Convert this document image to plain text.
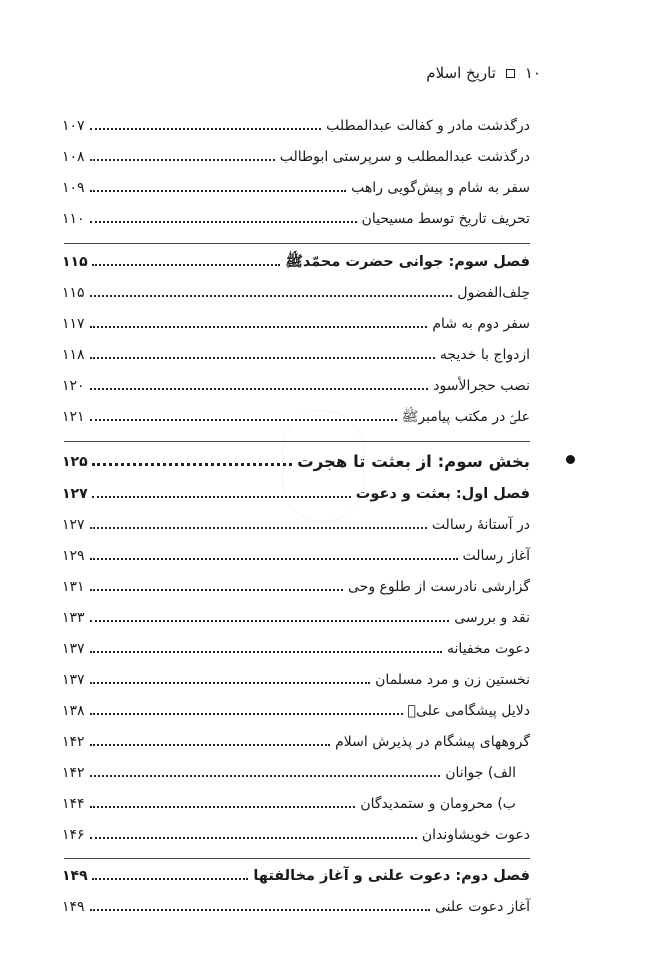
۱۰
تاریخ اسلام
درگذشت مادر و کفالت عبدالمطلب
۱۰۷
درگذشت عبدالمطلب و سرپرستی ابوطالب
۱۰۸
سفر به شام و پیش‌گویی راهب
۱۰۹
تحریف تاریخ توسط مسیحیان
۱۱۰
فصل سوم: جوانی حضرت محمّدﷺ
۱۱۵
حِلف‌الفضول
۱۱۵
سفر دوم به شام
۱۱۷
ازدواج با خدیجه
۱۱۸
نصب حجرالأسود
۱۲۰
علیؑ در مکتب پیامبرﷺ
۱۲۱
بخش سوم: از بعثت تا هجرت
۱۲۵
فصل اول: بعثت و دعوت
۱۲۷
در آستانهٔ رسالت
۱۲۷
آغاز رسالت
۱۲۹
گزارشی نادرست از طلوع وحی
۱۳۱
نقد و بررسی
۱۳۳
دعوت مخفیانه
۱۳۷
نخستین زن و مرد مسلمان
۱۳۷
دلایل پیشگامی علیؑ
۱۳۸
گروههای پیشگام در پذیرش اسلام
۱۴۲
الف) جوانان
۱۴۲
ب) محرومان و ستمدیدگان
۱۴۴
دعوت خویشاوندان
۱۴۶
فصل دوم: دعوت علنی و آغاز مخالفتها
۱۴۹
آغاز دعوت علنی
۱۴۹
